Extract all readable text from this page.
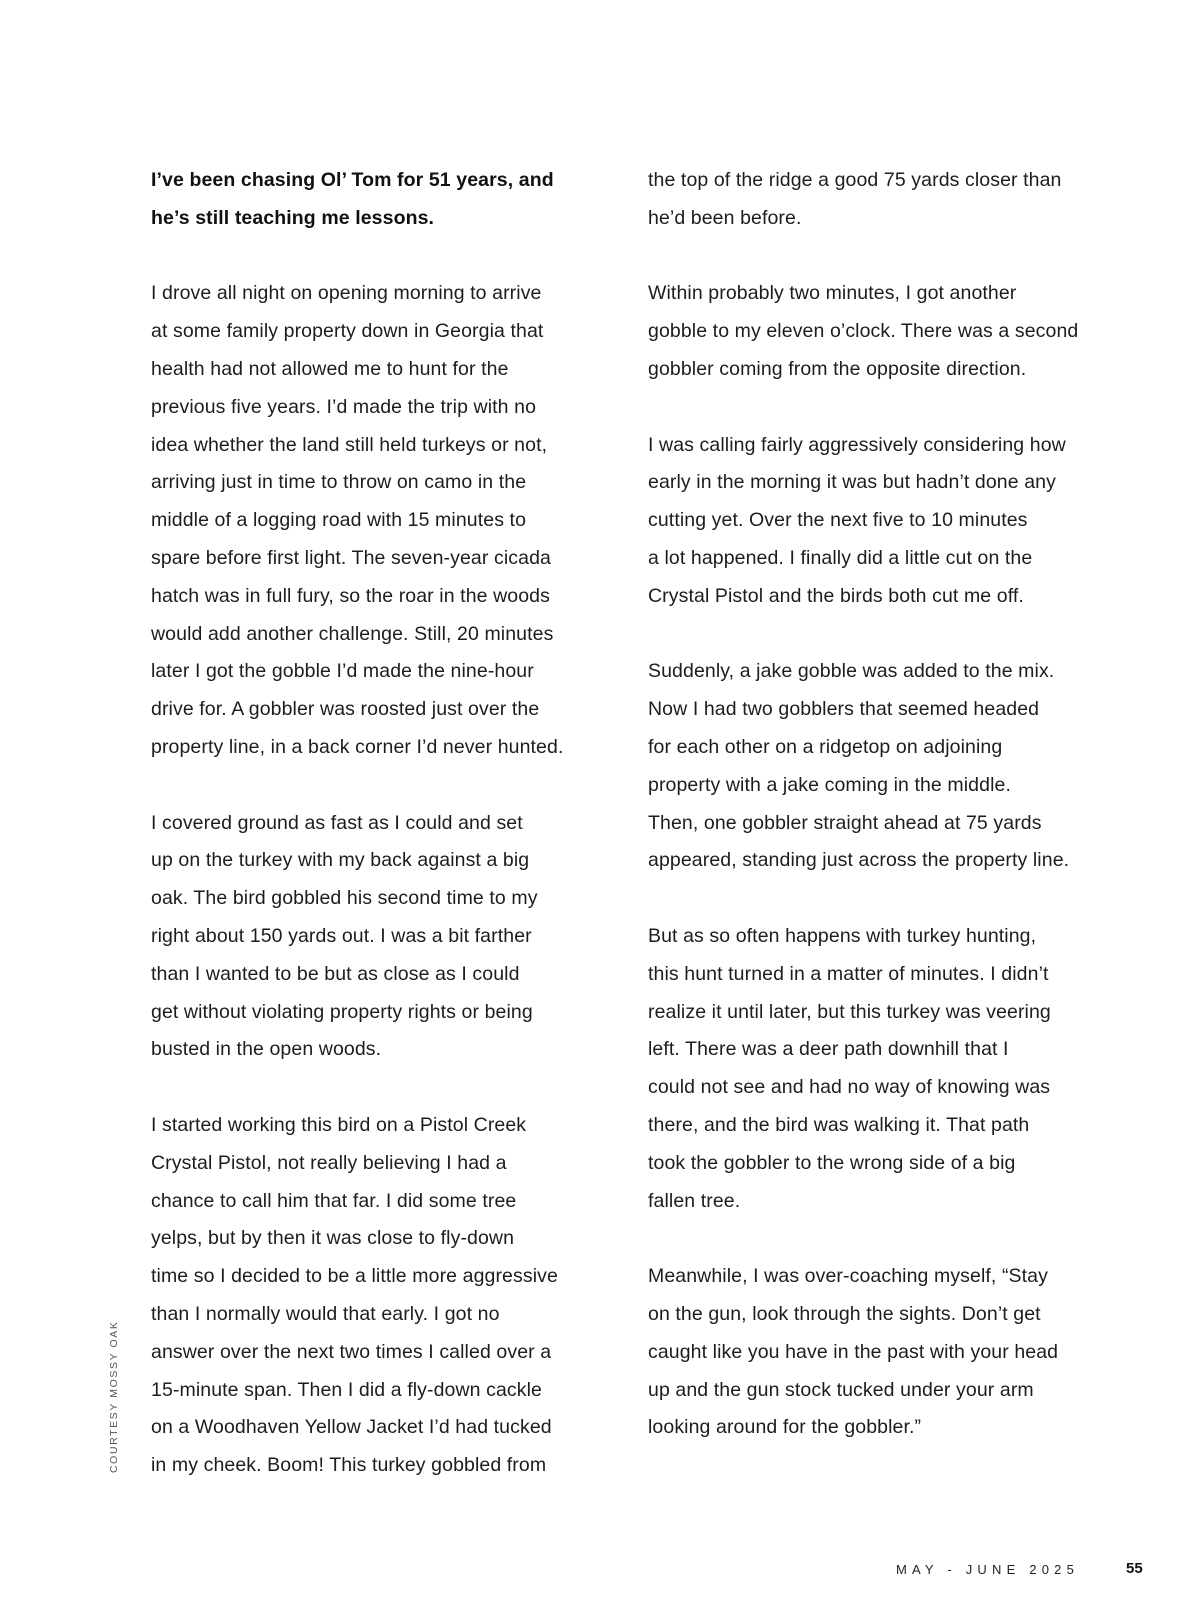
I’ve been chasing Ol’ Tom for 51 years, and
he’s still teaching me lessons.
I drove all night on opening morning to arrive
at some family property down in Georgia that
health had not allowed me to hunt for the
previous five years. I’d made the trip with no
idea whether the land still held turkeys or not,
arriving just in time to throw on camo in the
middle of a logging road with 15 minutes to
spare before first light. The seven-year cicada
hatch was in full fury, so the roar in the woods
would add another challenge. Still, 20 minutes
later I got the gobble I’d made the nine-hour
drive for. A gobbler was roosted just over the
property line, in a back corner I’d never hunted.
I covered ground as fast as I could and set
up on the turkey with my back against a big
oak. The bird gobbled his second time to my
right about 150 yards out. I was a bit farther
than I wanted to be but as close as I could
get without violating property rights or being
busted in the open woods.
I started working this bird on a Pistol Creek
Crystal Pistol, not really believing I had a
chance to call him that far. I did some tree
yelps, but by then it was close to fly-down
time so I decided to be a little more aggressive
than I normally would that early. I got no
answer over the next two times I called over a
15-minute span. Then I did a fly-down cackle
on a Woodhaven Yellow Jacket I’d had tucked
in my cheek. Boom! This turkey gobbled from
the top of the ridge a good 75 yards closer than
he’d been before.
Within probably two minutes, I got another
gobble to my eleven o’clock. There was a second
gobbler coming from the opposite direction.
I was calling fairly aggressively considering how
early in the morning it was but hadn’t done any
cutting yet. Over the next five to 10 minutes
a lot happened. I finally did a little cut on the
Crystal Pistol and the birds both cut me off.
Suddenly, a jake gobble was added to the mix.
Now I had two gobblers that seemed headed
for each other on a ridgetop on adjoining
property with a jake coming in the middle.
Then, one gobbler straight ahead at 75 yards
appeared, standing just across the property line.
But as so often happens with turkey hunting,
this hunt turned in a matter of minutes. I didn’t
realize it until later, but this turkey was veering
left. There was a deer path downhill that I
could not see and had no way of knowing was
there, and the bird was walking it. That path
took the gobbler to the wrong side of a big
fallen tree.
Meanwhile, I was over-coaching myself, “Stay
on the gun, look through the sights. Don’t get
caught like you have in the past with your head
up and the gun stock tucked under your arm
looking around for the gobbler.”
COURTESY MOSSY OAK
MAY - JUNE 2025	55
